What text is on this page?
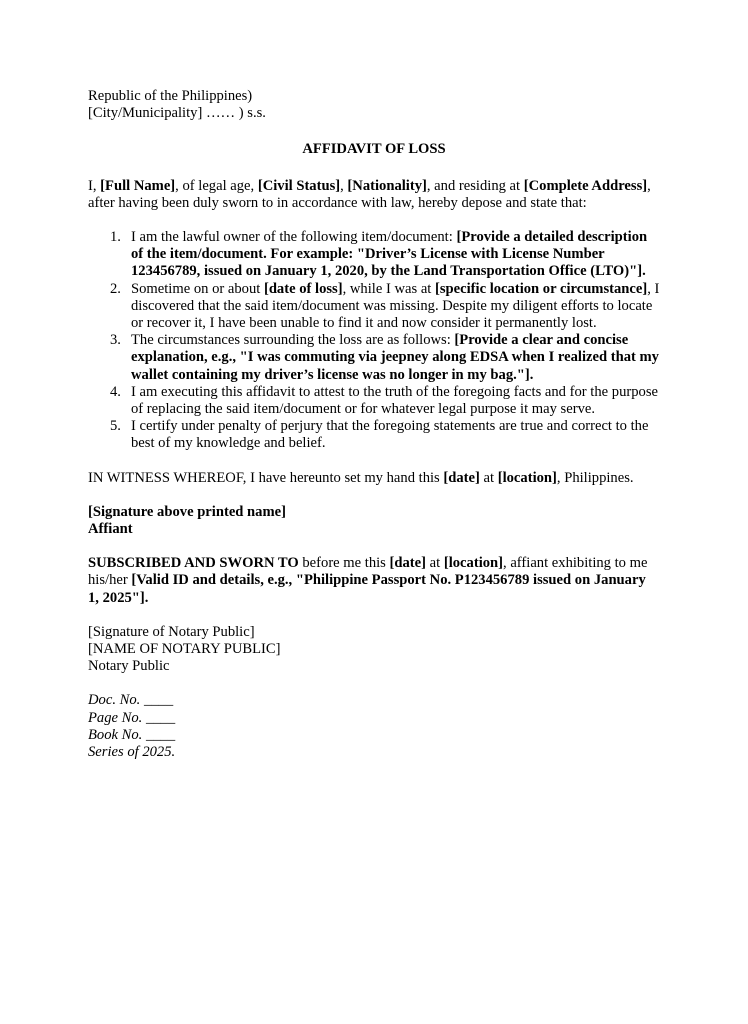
Republic of the Philippines)
[City/Municipality] …… ) s.s.
AFFIDAVIT OF LOSS
I, [Full Name], of legal age, [Civil Status], [Nationality], and residing at [Complete Address], after having been duly sworn to in accordance with law, hereby depose and state that:
1. I am the lawful owner of the following item/document: [Provide a detailed description of the item/document. For example: "Driver’s License with License Number 123456789, issued on January 1, 2020, by the Land Transportation Office (LTO)"].
2. Sometime on or about [date of loss], while I was at [specific location or circumstance], I discovered that the said item/document was missing. Despite my diligent efforts to locate or recover it, I have been unable to find it and now consider it permanently lost.
3. The circumstances surrounding the loss are as follows: [Provide a clear and concise explanation, e.g., "I was commuting via jeepney along EDSA when I realized that my wallet containing my driver’s license was no longer in my bag."].
4. I am executing this affidavit to attest to the truth of the foregoing facts and for the purpose of replacing the said item/document or for whatever legal purpose it may serve.
5. I certify under penalty of perjury that the foregoing statements are true and correct to the best of my knowledge and belief.
IN WITNESS WHEREOF, I have hereunto set my hand this [date] at [location], Philippines.
[Signature above printed name]
Affiant
SUBSCRIBED AND SWORN TO before me this [date] at [location], affiant exhibiting to me his/her [Valid ID and details, e.g., "Philippine Passport No. P123456789 issued on January 1, 2025"].
[Signature of Notary Public]
[NAME OF NOTARY PUBLIC]
Notary Public
Doc. No. ____
Page No. ____
Book No. ____
Series of 2025.
